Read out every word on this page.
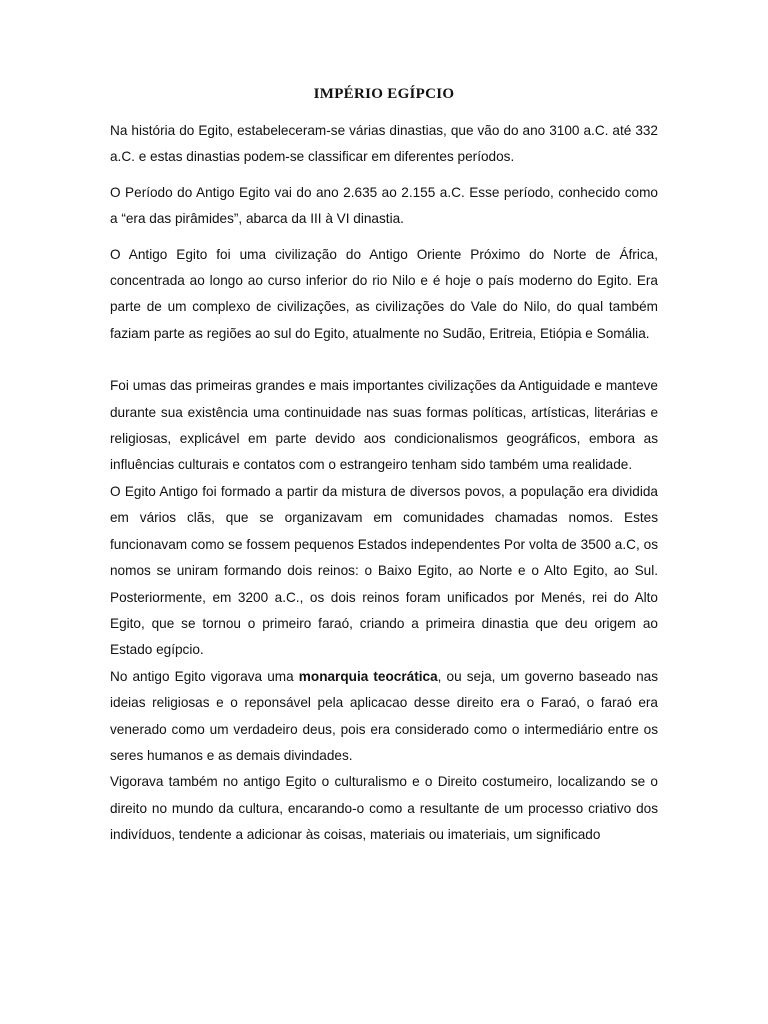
IMPÉRIO EGÍPCIO

Na história do Egito, estabeleceram-se várias dinastias, que vão do ano 3100 a.C. até 332 a.C. e estas dinastias podem-se classificar em diferentes períodos.

O Período do Antigo Egito vai do ano 2.635 ao 2.155 a.C. Esse período, conhecido como a “era das pirâmides”, abarca da III à VI dinastia.

O Antigo Egito foi uma civilização do Antigo Oriente Próximo do Norte de África, concentrada ao longo ao curso inferior do rio Nilo e é hoje o país moderno do Egito. Era parte de um complexo de civilizações, as civilizações do Vale do Nilo, do qual também faziam parte as regiões ao sul do Egito, atualmente no Sudão, Eritreia, Etiópia e Somália.

Foi umas das primeiras grandes e mais importantes civilizações da Antiguidade e manteve durante sua existência uma continuidade nas suas formas políticas, artísticas, literárias e religiosas, explicável em parte devido aos condicionalismos geográficos, embora as influências culturais e contatos com o estrangeiro tenham sido também uma realidade.

O Egito Antigo foi formado a partir da mistura de diversos povos, a população era dividida em vários clãs, que se organizavam em comunidades chamadas nomos. Estes funcionavam como se fossem pequenos Estados independentes Por volta de 3500 a.C, os nomos se uniram formando dois reinos: o Baixo Egito, ao Norte e o Alto Egito, ao Sul. Posteriormente, em 3200 a.C., os dois reinos foram unificados por Menés, rei do Alto Egito, que se tornou o primeiro faraó, criando a primeira dinastia que deu origem ao Estado egípcio.

No antigo Egito vigorava uma monarquia teocrática, ou seja, um governo baseado nas ideias religiosas e o reponsável pela aplicacao desse direito era o Faraó, o faraó era venerado como um verdadeiro deus, pois era considerado como o intermediário entre os seres humanos e as demais divindades.

Vigorava também no antigo Egito o culturalismo e o Direito costumeiro, localizando se o direito no mundo da cultura, encarando-o como a resultante de um processo criativo dos indivíduos, tendente a adicionar às coisas, materiais ou imateriais, um significado
